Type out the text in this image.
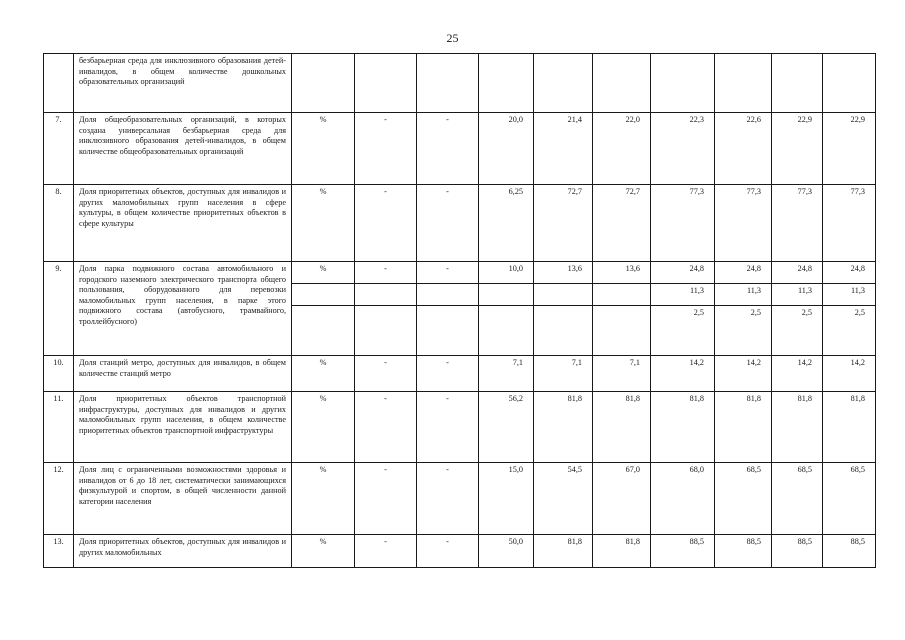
25
	безбарьерная среда для инклюзивного образования детей-инвалидов, в общем количестве дошкольных образовательных организаций										
7.	Доля общеобразовательных организаций, в которых создана универсальная безбарьерная среда для инклюзивного образования детей-инвалидов, в общем количестве общеобразовательных организаций	%	-	-	20,0	21,4	22,0	22,3	22,6	22,9	22,9
8.	Доля приоритетных объектов, доступных для инвалидов и других маломобильных групп населения в сфере культуры, в общем количестве приоритетных объектов в сфере культуры	%	-	-	6,25	72,7	72,7	77,3	77,3	77,3	77,3
9.	Доля парка подвижного состава автомобильного и городского наземного электрического транспорта общего пользования, оборудованного для перевозки маломобильных групп населения, в парке этого подвижного состава (автобусного, трамвайного, троллейбусного)	%	-	-	10,0	13,6	13,6	24,8	24,8	24,8	24,8
								11,3	11,3	11,3	11,3
								2,5	2,5	2,5	2,5
10.	Доля станций метро, доступных для инвалидов, в общем количестве станций метро	%	-	-	7,1	7,1	7,1	14,2	14,2	14,2	14,2
11.	Доля приоритетных объектов транспортной инфраструктуры, доступных для инвалидов и других маломобильных групп населения, в общем количестве приоритетных объектов транспортной инфраструктуры	%	-	-	56,2	81,8	81,8	81,8	81,8	81,8	81,8
12.	Доля лиц с ограниченными возможностями здоровья и инвалидов от 6 до 18 лет, систематически занимающихся физкультурой и спортом, в общей численности данной категории населения	%	-	-	15,0	54,5	67,0	68,0	68,5	68,5	68,5
13.	Доля приоритетных объектов, доступных для инвалидов и других маломобильных	%	-	-	50,0	81,8	81,8	88,5	88,5	88,5	88,5
